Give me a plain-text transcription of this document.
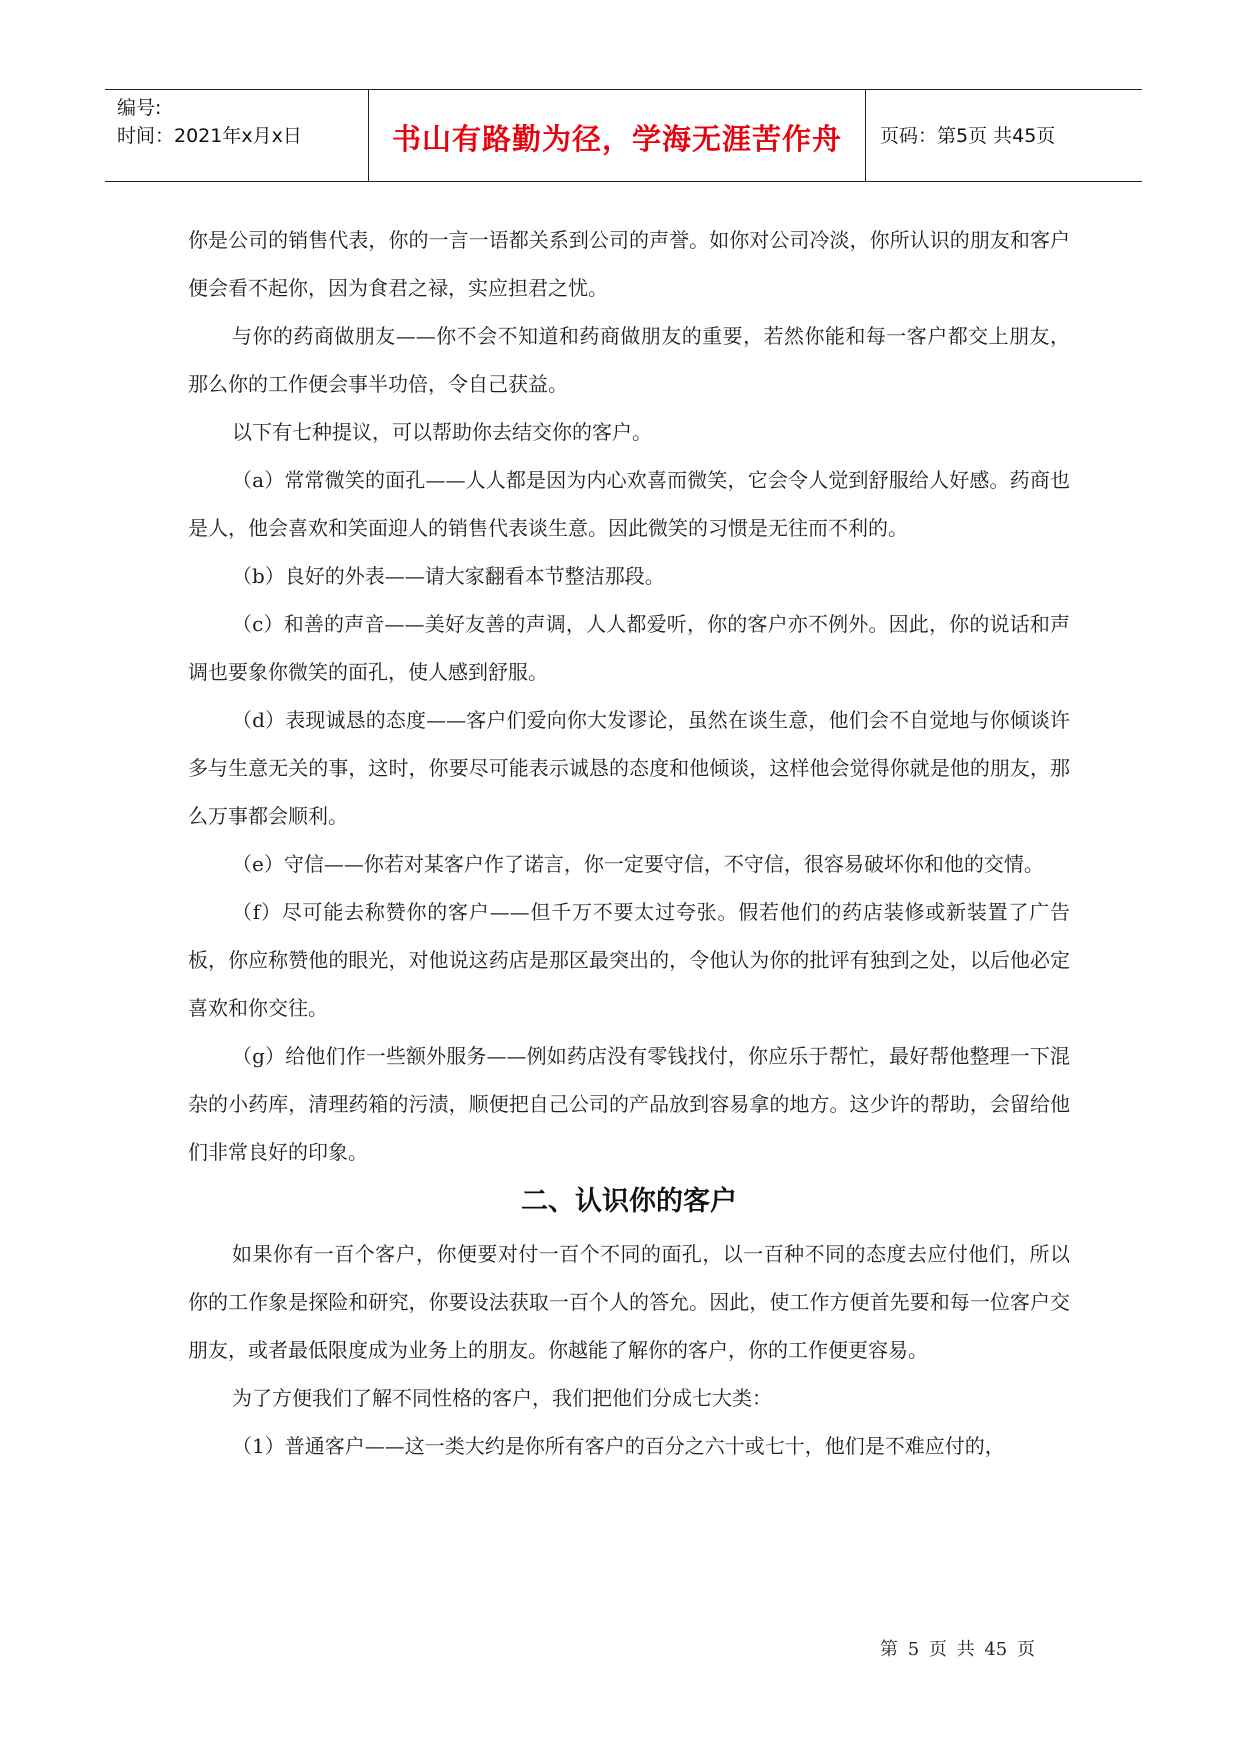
编号:
时间：2021年x月x日	书山有路勤为径，学海无涯苦作舟	页码：第5页 共45页

你是公司的销售代表，你的一言一语都关系到公司的声誉。如你对公司冷淡，你所认识的朋友和客户便会看不起你，因为食君之禄，实应担君之忧。

与你的药商做朋友——你不会不知道和药商做朋友的重要，若然你能和每一客户都交上朋友，那么你的工作便会事半功倍，令自己获益。

以下有七种提议，可以帮助你去结交你的客户。

（a）常常微笑的面孔——人人都是因为内心欢喜而微笑，它会令人觉到舒服给人好感。药商也是人，他会喜欢和笑面迎人的销售代表谈生意。因此微笑的习惯是无往而不利的。

（b）良好的外表——请大家翻看本节整洁那段。

（c）和善的声音——美好友善的声调，人人都爱听，你的客户亦不例外。因此，你的说话和声调也要象你微笑的面孔，使人感到舒服。

（d）表现诚恳的态度——客户们爱向你大发谬论，虽然在谈生意，他们会不自觉地与你倾谈许多与生意无关的事，这时，你要尽可能表示诚恳的态度和他倾谈，这样他会觉得你就是他的朋友，那么万事都会顺利。

（e）守信——你若对某客户作了诺言，你一定要守信，不守信，很容易破坏你和他的交情。

（f）尽可能去称赞你的客户——但千万不要太过夸张。假若他们的药店装修或新装置了广告板，你应称赞他的眼光，对他说这药店是那区最突出的，令他认为你的批评有独到之处，以后他必定喜欢和你交往。

（g）给他们作一些额外服务——例如药店没有零钱找付，你应乐于帮忙，最好帮他整理一下混杂的小药库，清理药箱的污渍，顺便把自己公司的产品放到容易拿的地方。这少许的帮助，会留给他们非常良好的印象。

二、认识你的客户

如果你有一百个客户，你便要对付一百个不同的面孔，以一百种不同的态度去应付他们，所以你的工作象是探险和研究，你要设法获取一百个人的答允。因此，使工作方便首先要和每一位客户交朋友，或者最低限度成为业务上的朋友。你越能了解你的客户，你的工作便更容易。

为了方便我们了解不同性格的客户，我们把他们分成七大类：

（1）普通客户——这一类大约是你所有客户的百分之六十或七十，他们是不难应付的，

第 5 页 共 45 页
